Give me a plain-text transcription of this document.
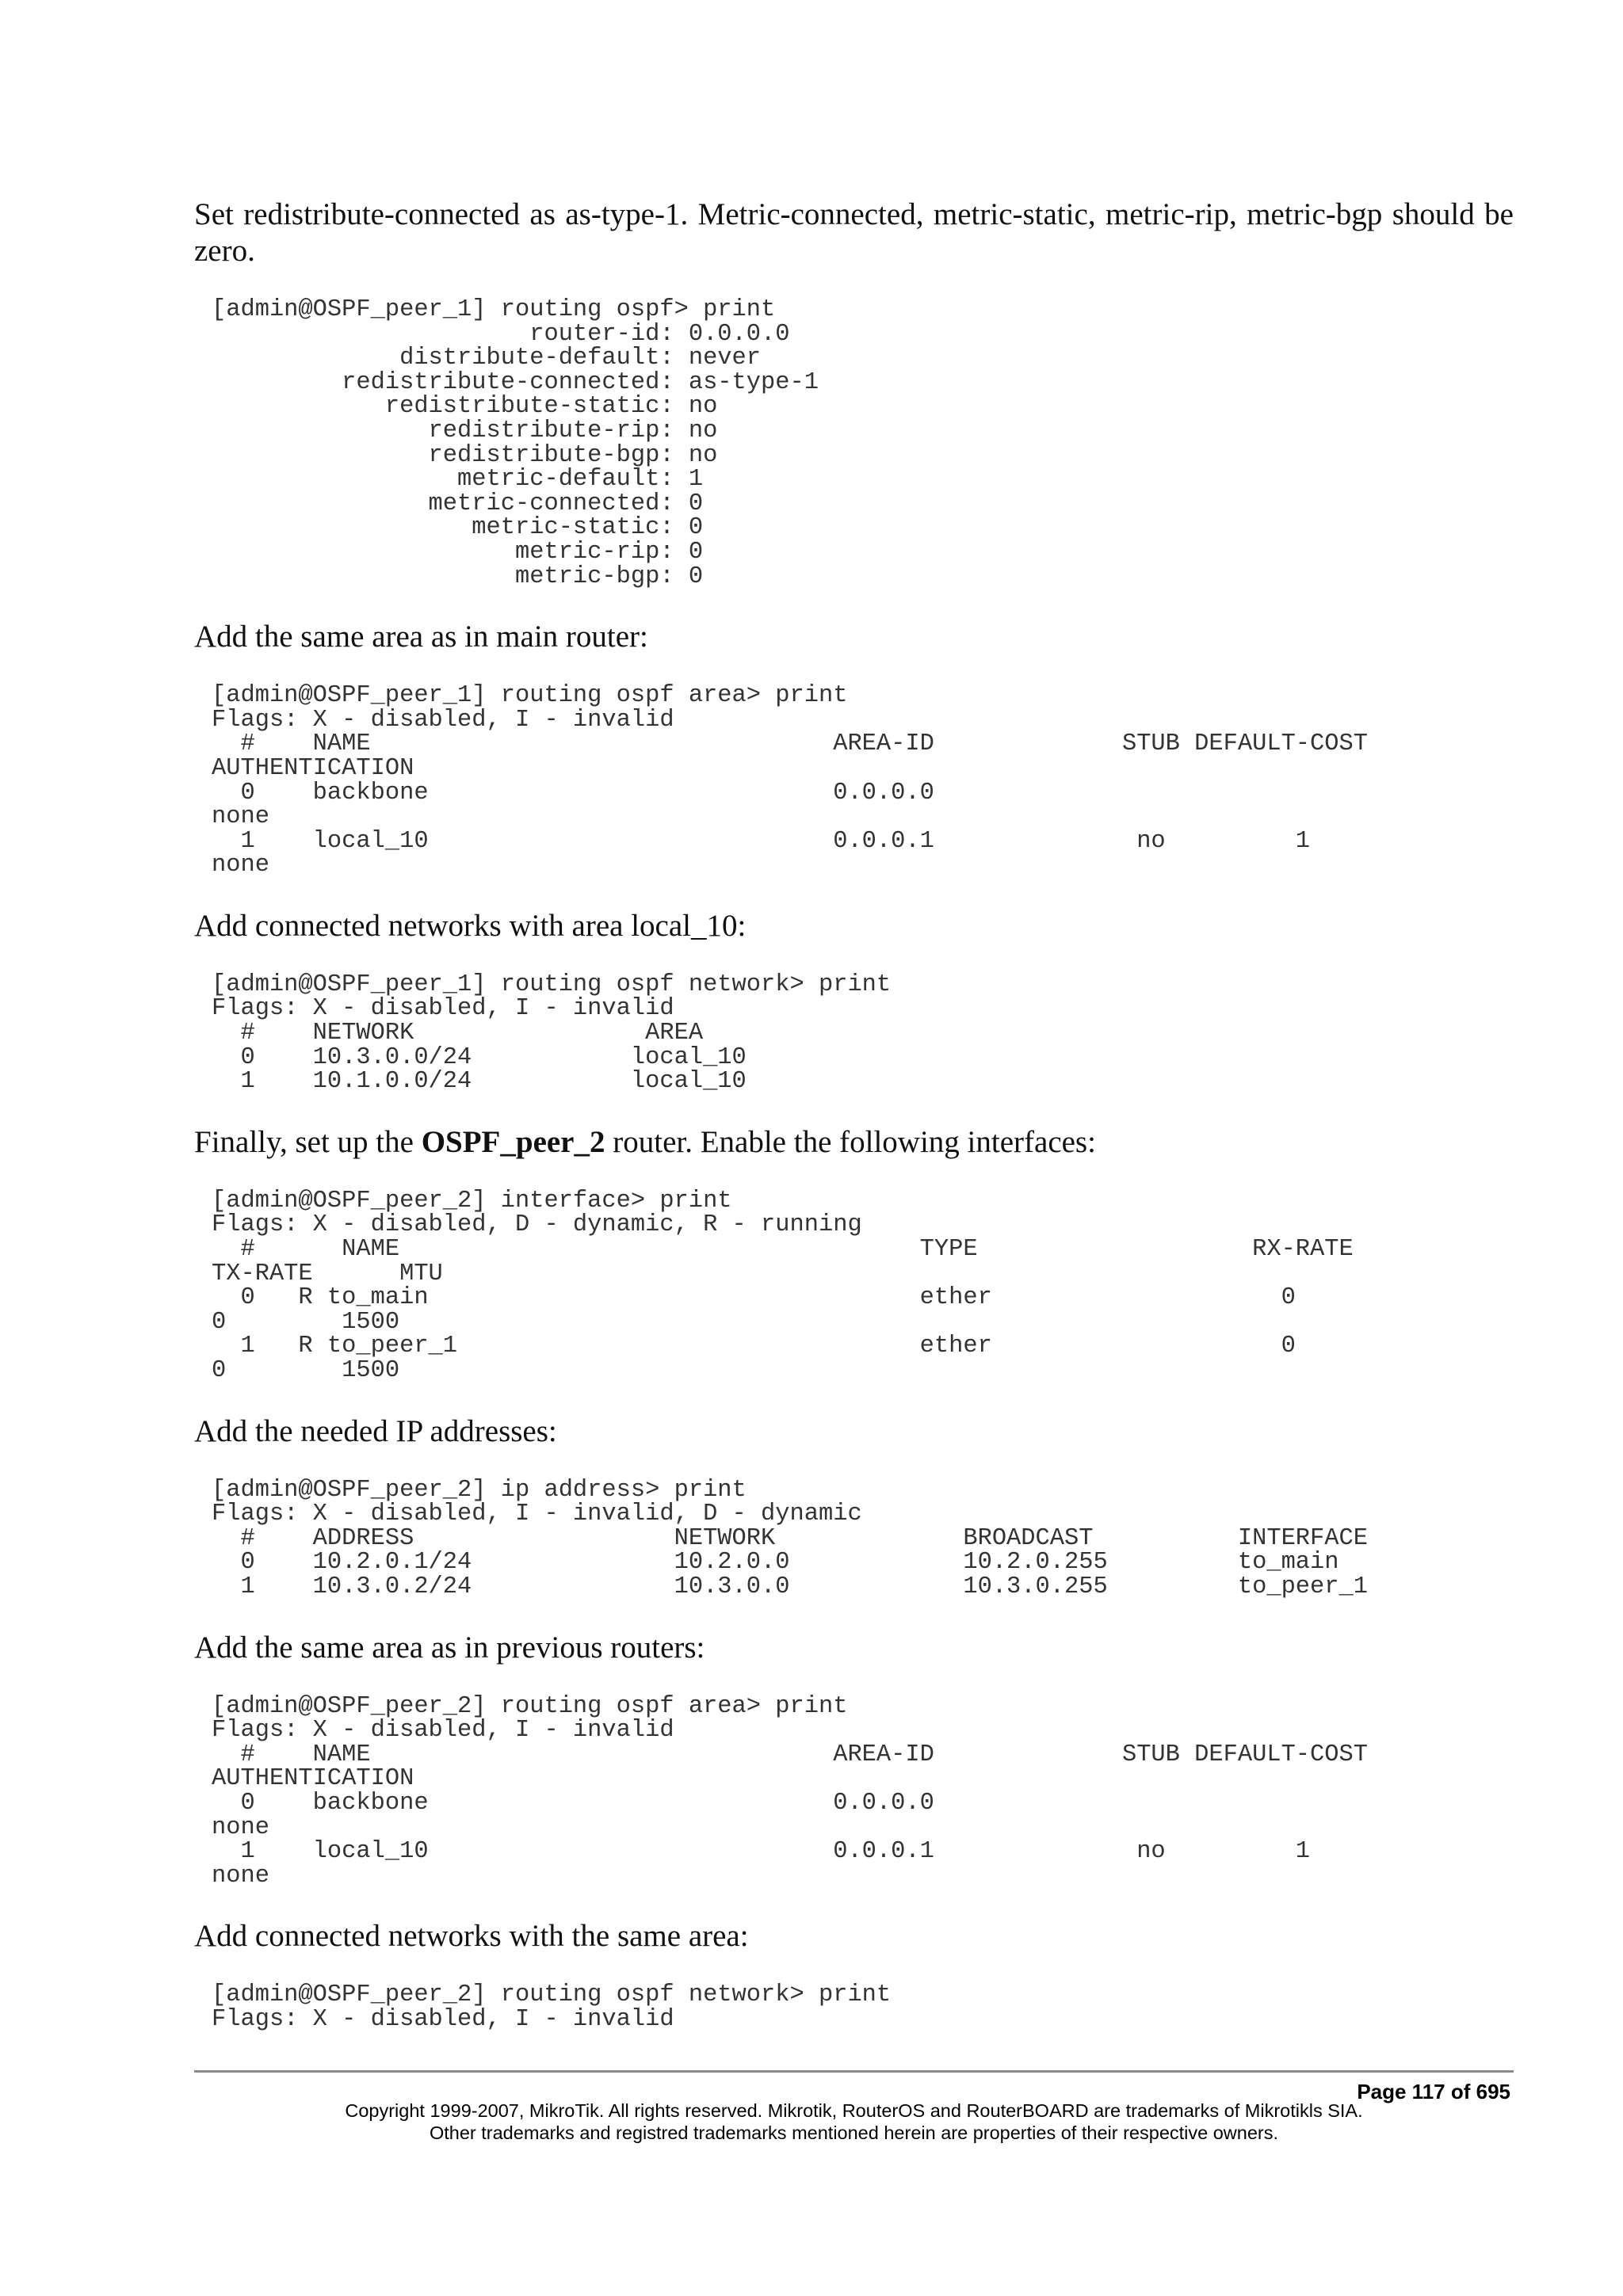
Set redistribute-connected as as-type-1. Metric-connected, metric-static, metric-rip, metric-bgp should be zero.

[admin@OSPF_peer_1] routing ospf> print
router-id: 0.0.0.0
distribute-default: never
redistribute-connected: as-type-1
redistribute-static: no
redistribute-rip: no
redistribute-bgp: no
metric-default: 1
metric-connected: 0
metric-static: 0
metric-rip: 0
metric-bgp: 0

Add the same area as in main router:

[admin@OSPF_peer_1] routing ospf area> print
Flags: X - disabled, I - invalid
#    NAME                                AREA-ID             STUB DEFAULT-COST
AUTHENTICATION
0    backbone                            0.0.0.0
none
1    local_10                            0.0.0.1              no         1
none

Add connected networks with area local_10:

[admin@OSPF_peer_1] routing ospf network> print
Flags: X - disabled, I - invalid
#    NETWORK                AREA
0    10.3.0.0/24           local_10
1    10.1.0.0/24           local_10

Finally, set up the OSPF_peer_2 router. Enable the following interfaces:

[admin@OSPF_peer_2] interface> print
Flags: X - disabled, D - dynamic, R - running
#      NAME                                    TYPE                   RX-RATE
TX-RATE      MTU
0   R to_main                                  ether                    0
0        1500
1   R to_peer_1                                ether                    0
0        1500

Add the needed IP addresses:

[admin@OSPF_peer_2] ip address> print
Flags: X - disabled, I - invalid, D - dynamic
#    ADDRESS                  NETWORK             BROADCAST          INTERFACE
0    10.2.0.1/24              10.2.0.0            10.2.0.255         to_main
1    10.3.0.2/24              10.3.0.0            10.3.0.255         to_peer_1

Add the same area as in previous routers:

[admin@OSPF_peer_2] routing ospf area> print
Flags: X - disabled, I - invalid
#    NAME                                AREA-ID             STUB DEFAULT-COST
AUTHENTICATION
0    backbone                            0.0.0.0
none
1    local_10                            0.0.0.1              no         1
none

Add connected networks with the same area:

[admin@OSPF_peer_2] routing ospf network> print
Flags: X - disabled, I - invalid
Page 117 of 695
Copyright 1999-2007, MikroTik. All rights reserved. Mikrotik, RouterOS and RouterBOARD are trademarks of Mikrotikls SIA.
Other trademarks and registred trademarks mentioned herein are properties of their respective owners.
